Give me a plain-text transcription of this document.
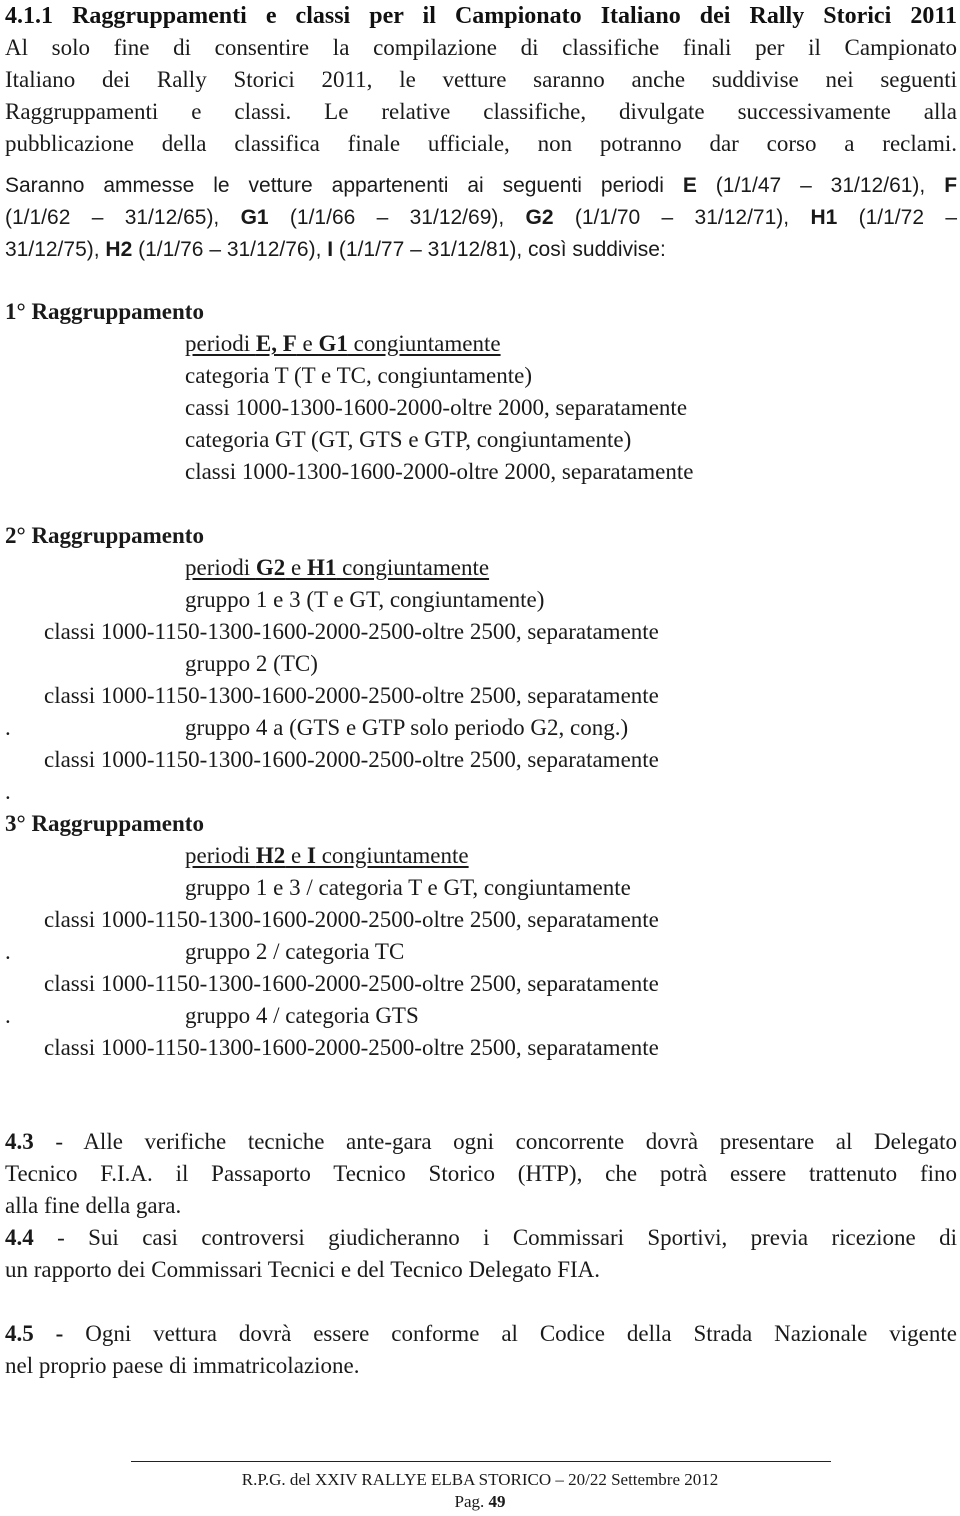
4.1.1 Raggruppamenti e classi per il Campionato Italiano dei Rally Storici 2011
Al solo fine di consentire la compilazione di classifiche finali per il Campionato
Italiano dei Rally Storici 2011, le vetture saranno anche suddivise nei seguenti
Raggruppamenti e classi. Le relative classifiche, divulgate successivamente alla
pubblicazione della classifica finale ufficiale, non potranno dar corso a reclami.
Saranno ammesse le vetture appartenenti ai seguenti periodi E (1/1/47 – 31/12/61), F
(1/1/62 – 31/12/65), G1 (1/1/66 – 31/12/69), G2 (1/1/70 – 31/12/71), H1 (1/1/72 –
31/12/75), H2 (1/1/76 – 31/12/76), I (1/1/77 – 31/12/81), così suddivise:
1° Raggruppamento
periodi E, F e G1 congiuntamente
categoria T (T e TC, congiuntamente)
cassi 1000-1300-1600-2000-oltre 2000, separatamente
categoria GT (GT, GTS e GTP, congiuntamente)
classi 1000-1300-1600-2000-oltre 2000, separatamente
2° Raggruppamento
periodi G2 e H1 congiuntamente
gruppo 1 e 3 (T e GT, congiuntamente)
classi 1000-1150-1300-1600-2000-2500-oltre 2500, separatamente
gruppo 2 (TC)
classi 1000-1150-1300-1600-2000-2500-oltre 2500, separatamente
.	gruppo 4 a (GTS e GTP solo periodo G2, cong.)
classi 1000-1150-1300-1600-2000-2500-oltre 2500, separatamente
.
3° Raggruppamento
periodi H2 e I congiuntamente
gruppo 1 e 3 / categoria T e GT, congiuntamente
classi 1000-1150-1300-1600-2000-2500-oltre 2500, separatamente
.	gruppo 2 / categoria TC
classi 1000-1150-1300-1600-2000-2500-oltre 2500, separatamente
.	gruppo 4 / categoria GTS
classi 1000-1150-1300-1600-2000-2500-oltre 2500, separatamente
4.3 - Alle verifiche tecniche ante-gara ogni concorrente dovrà presentare al Delegato
Tecnico F.I.A. il Passaporto Tecnico Storico (HTP), che potrà essere trattenuto fino
alla fine della gara.
4.4 - Sui casi controversi giudicheranno i Commissari Sportivi, previa ricezione di
un rapporto dei Commissari Tecnici e del Tecnico Delegato FIA.
4.5 - Ogni vettura dovrà essere conforme al Codice della Strada Nazionale vigente
nel proprio paese di immatricolazione.
R.P.G. del XXIV RALLYE ELBA STORICO – 20/22 Settembre 2012
Pag. 49
